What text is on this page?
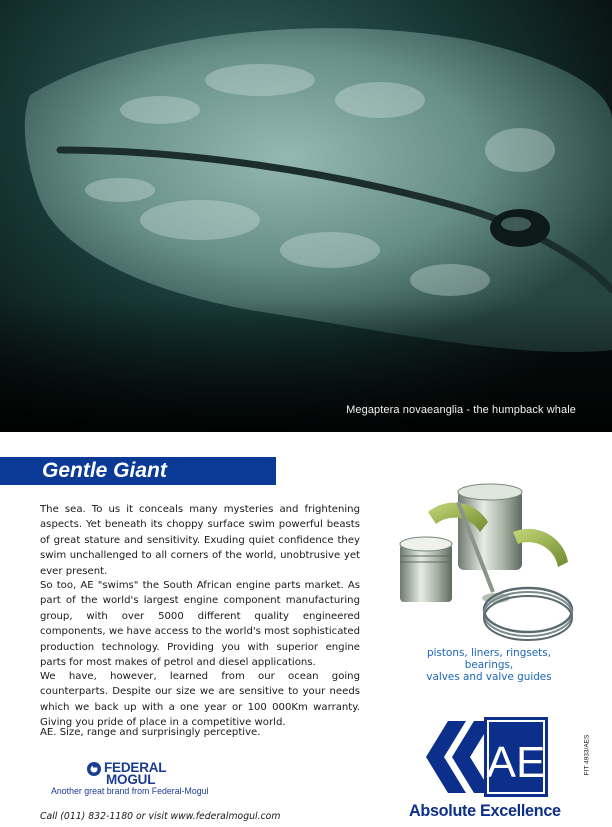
Megaptera novaeanglia - the humpback whale
Gentle Giant
The sea. To us it conceals many mysteries and frightening aspects. Yet beneath its choppy surface swim powerful beasts of great stature and sensitivity. Exuding quiet confidence they swim unchallenged to all corners of the world, unobtrusive yet ever present.
So too, AE "swims" the South African engine parts market. As part of the world's largest engine component manufacturing group, with over 5000 different quality engineered components, we have access to the world's most sophisticated production technology. Providing you with superior engine parts for most makes of petrol and diesel applications.
We have, however, learned from our ocean going counterparts. Despite our size we are sensitive to your needs which we back up with a one year or 100 000Km warranty. Giving you pride of place in a competitive world.
AE. Size, range and surprisingly perceptive.
pistons, liners, ringsets, bearings,
valves and valve guides
FEDERAL
MOGUL
Another great brand from Federal-Mogul
Call (011) 832-1180 or visit www.federalmogul.com
AE
Absolute Excellence
FIT 4933/AES
